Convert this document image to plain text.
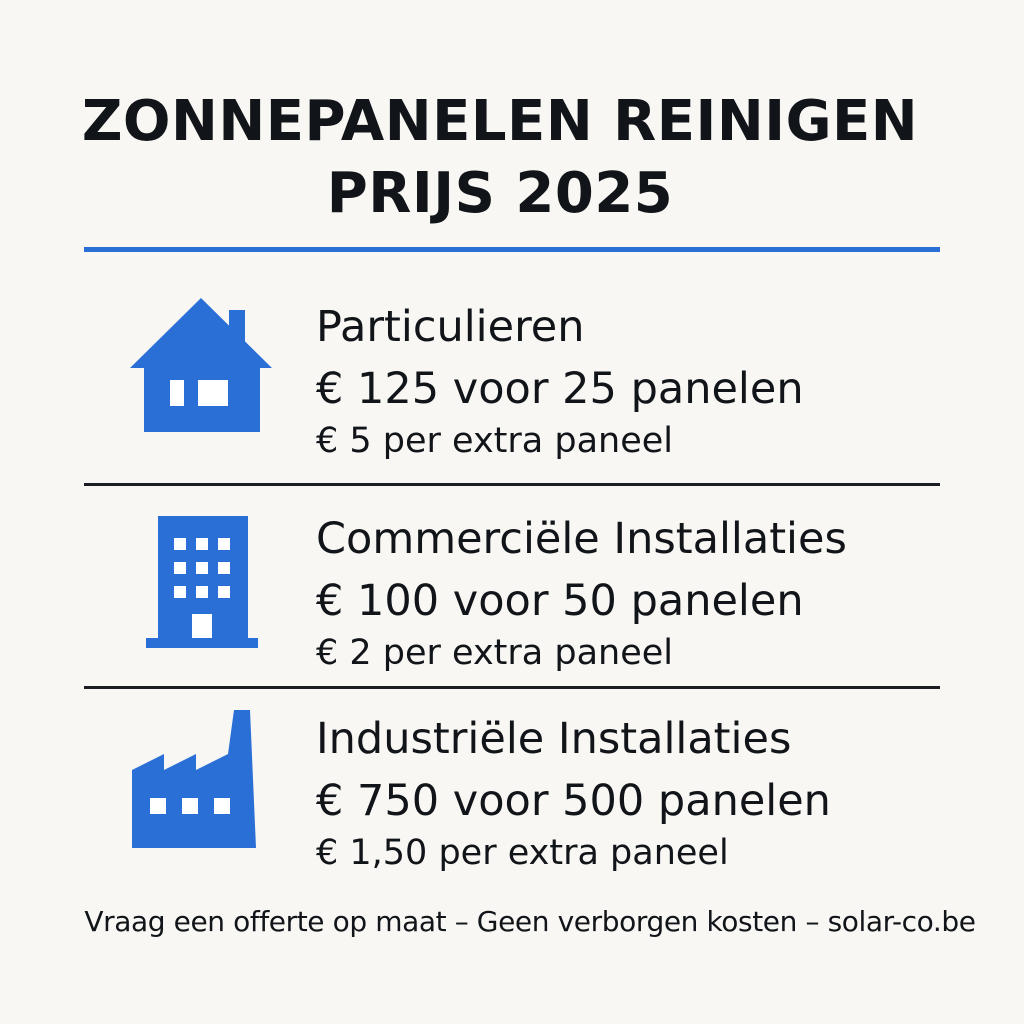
ZONNEPANELEN REINIGEN
PRIJS 2025
Particulieren
€ 125 voor 25 panelen
€ 5 per extra paneel
Commerciële Installaties
€ 100 voor 50 panelen
€ 2 per extra paneel
Industriële Installaties
€ 750 voor 500 panelen
€ 1,50 per extra paneel
Vraag een offerte op maat – Geen verborgen kosten – solar-co.be
